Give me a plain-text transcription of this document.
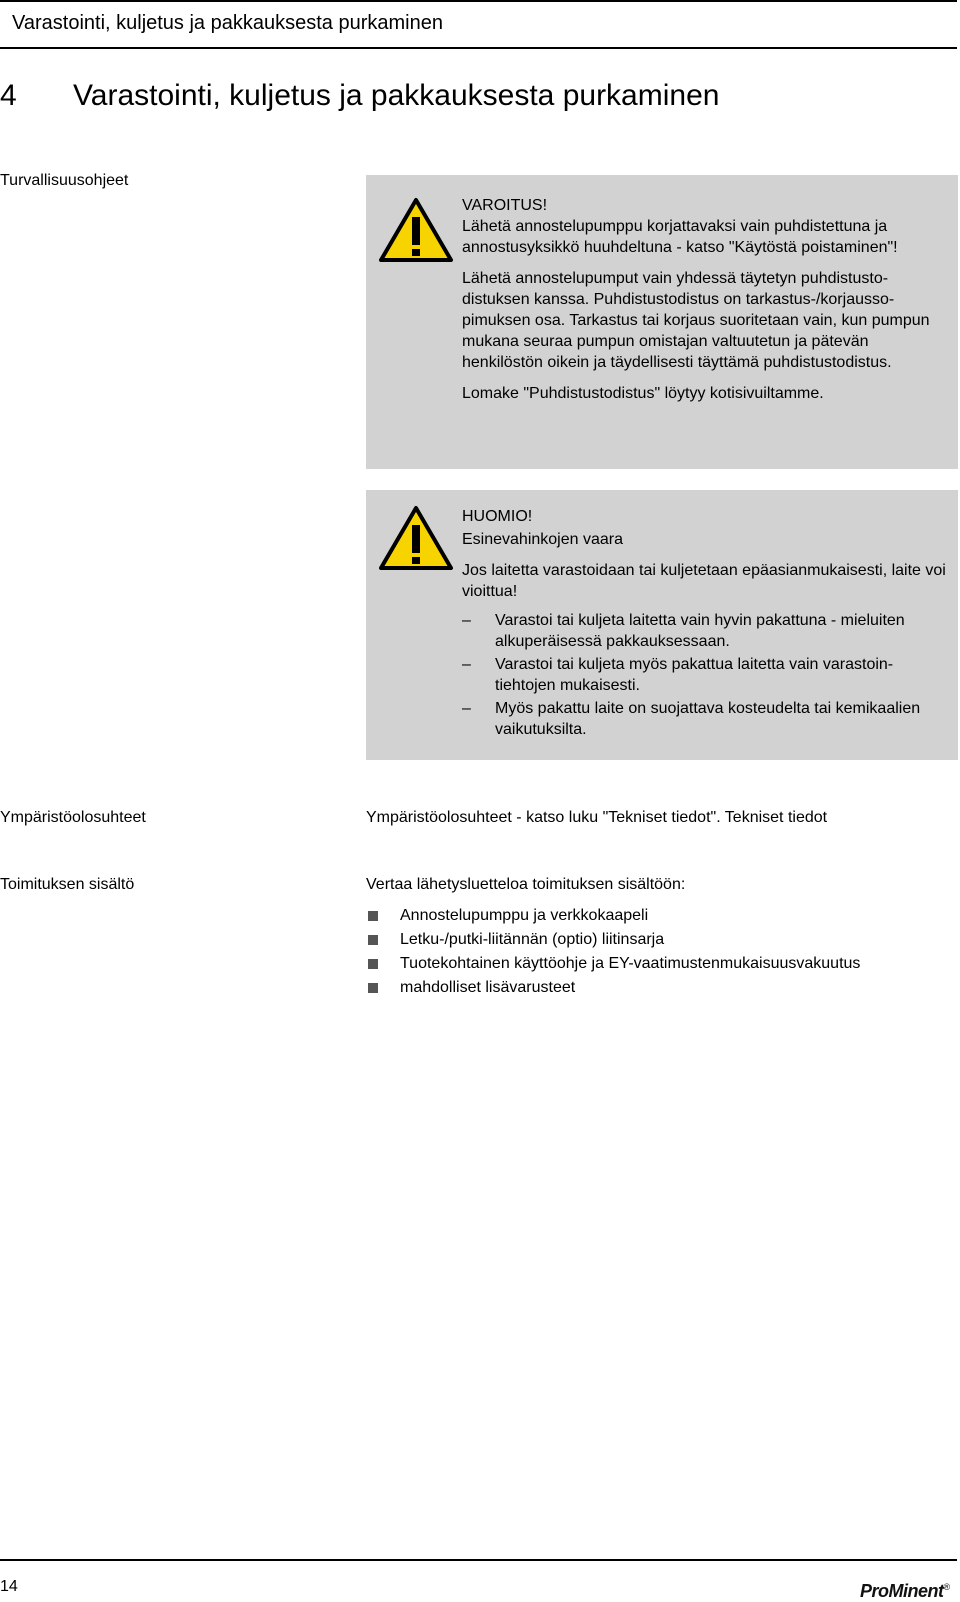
Varastointi, kuljetus ja pakkauksesta purkaminen
4 Varastointi, kuljetus ja pakkauksesta purkaminen
Turvallisuusohjeet

VAROITUS!

Lähetä annostelupumppu korjattavaksi vain puhdistettuna ja annostusyksikkö huuhdeltuna - katso "Käytöstä poistaminen"!

Lähetä annostelupumput vain yhdessä täytetyn puhdistustodistuksen kanssa. Puhdistustodistus on tarkastus-/korjaussopimuksen osa. Tarkastus tai korjaus suoritetaan vain, kun pumpun mukana seuraa pumpun omistajan valtuutetun ja pätevän henkilöstön oikein ja täydellisesti täyttämä puhdistustodistus.

Lomake "Puhdistustodistus" löytyy kotisivuiltamme.

HUOMIO!

Esinevahinkojen vaara

Jos laitetta varastoidaan tai kuljetetaan epäasianmukaisesti, laite voi vioittua!

– Varastoi tai kuljeta laitetta vain hyvin pakattuna - mieluiten alkuperäisessä pakkauksessaan.
– Varastoi tai kuljeta myös pakattua laitetta vain varastointiehtojen mukaisesti.
– Myös pakattu laite on suojattava kosteudelta tai kemikaalien vaikutuksilta.
Ympäristöolosuhteet	Ympäristöolosuhteet - katso luku "Tekniset tiedot". Tekniset tiedot
Toimituksen sisältö	Vertaa lähetysluetteloa toimituksen sisältöön:
Annostelupumppu ja verkkokaapeli
Letku-/putki-liitännän (optio) liitinsarja
Tuotekohtainen käyttöohje ja EY-vaatimustenmukaisuusvakuutus
mahdolliset lisävarusteet
14	ProMinent®
